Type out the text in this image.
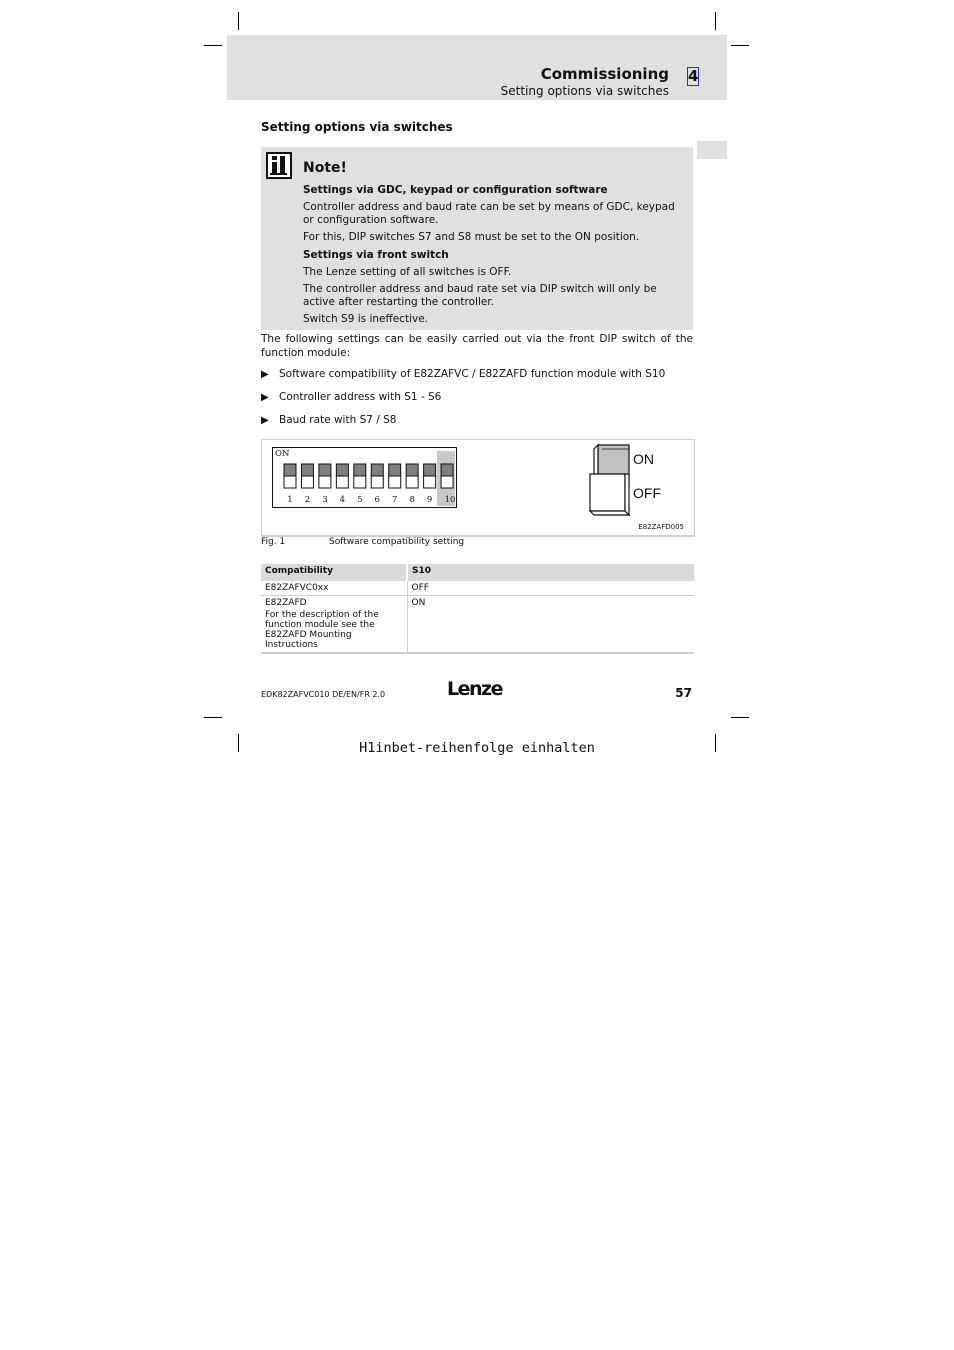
Commissioning
Setting options via switches
4
Setting options via switches
Note!
Settings via GDC, keypad or configuration software
Controller address and baud rate can be set by means of GDC, keypad or configuration software.
For this, DIP switches S7 and S8 must be set to the ON position.
Settings via front switch
The Lenze setting of all switches is OFF.
The controller address and baud rate set via DIP switch will only be active after restarting the controller.
Switch S9 is ineffective.
The following settings can be easily carried out via the front DIP switch of the function module:
▶ Software compatibility of E82ZAFVC / E82ZAFD function module with S10
▶ Controller address with S1 - S6
▶ Baud rate with S7 / S8
ON
1 2 3 4 5 6 7 8 9 10
ON
OFF
E82ZAFD005
Fig. 1	Software compatibility setting
Compatibility	S10
E82ZAFVC0xx	OFF

E82ZAFD
For the description of the function module see the E82ZAFD Mounting Instructions	ON
EDK82ZAFVC010 DE/EN/FR 2.0	Lenze	57
H1inbet-reihenfolge einhalten
